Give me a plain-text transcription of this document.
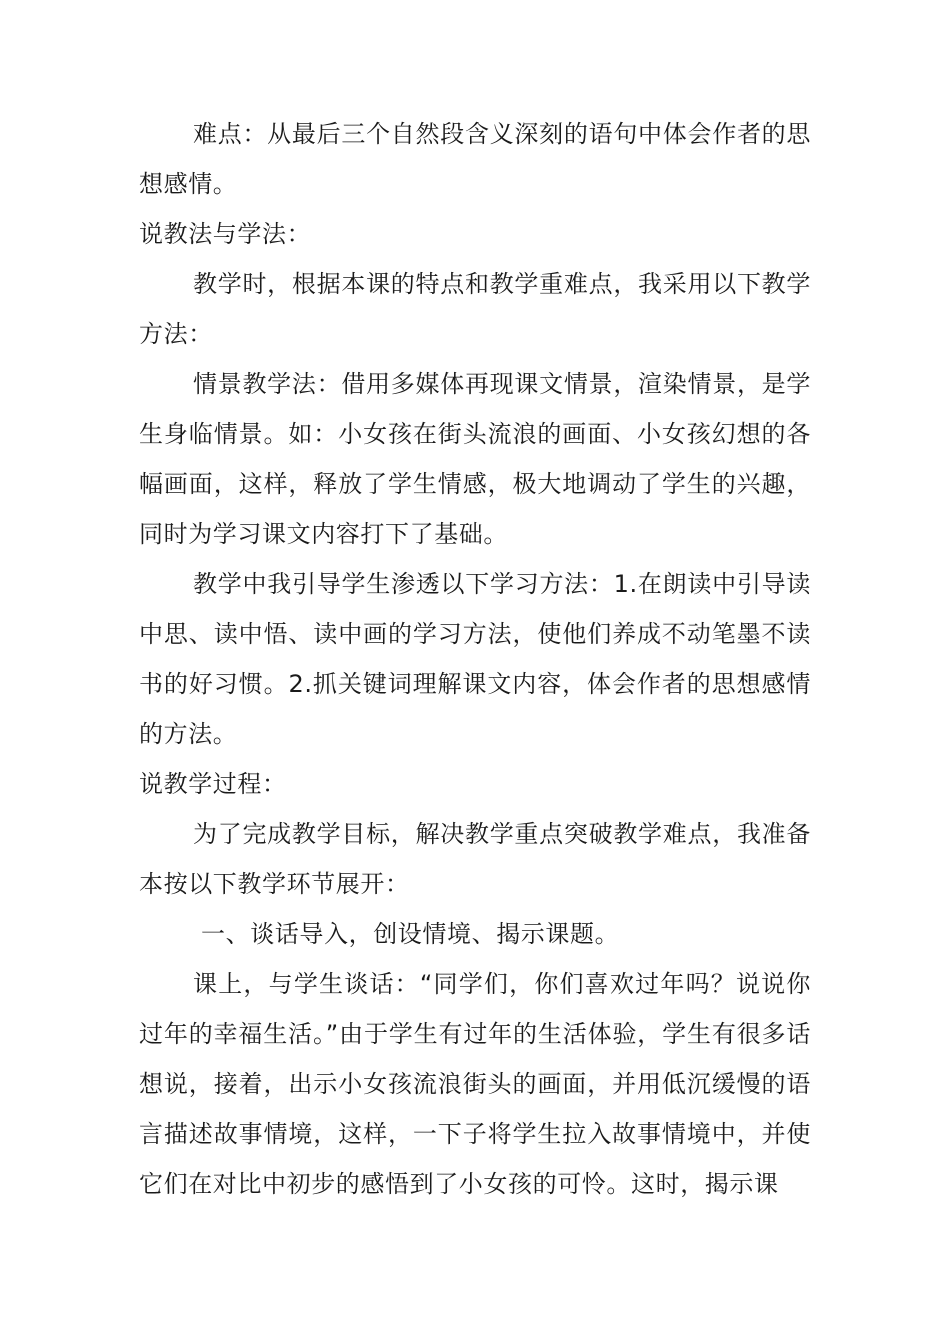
难点：从最后三个自然段含义深刻的语句中体会作者的思想感情。

说教法与学法：

教学时，根据本课的特点和教学重难点，我采用以下教学方法：

情景教学法：借用多媒体再现课文情景，渲染情景，是学生身临情景。如：小女孩在街头流浪的画面、小女孩幻想的各幅画面，这样，释放了学生情感，极大地调动了学生的兴趣，同时为学习课文内容打下了基础。

教学中我引导学生渗透以下学习方法：1.在朗读中引导读中思、读中悟、读中画的学习方法，使他们养成不动笔墨不读书的好习惯。2.抓关键词理解课文内容，体会作者的思想感情的方法。

说教学过程：

为了完成教学目标，解决教学重点突破教学难点，我准备本按以下教学环节展开：

一、谈话导入，创设情境、揭示课题。

课上，与学生谈话：“同学们，你们喜欢过年吗？说说你过年的幸福生活。”由于学生有过年的生活体验，学生有很多话想说，接着，出示小女孩流浪街头的画面，并用低沉缓慢的语言描述故事情境，这样，一下子将学生拉入故事情境中，并使它们在对比中初步的感悟到了小女孩的可怜。这时，揭示课
